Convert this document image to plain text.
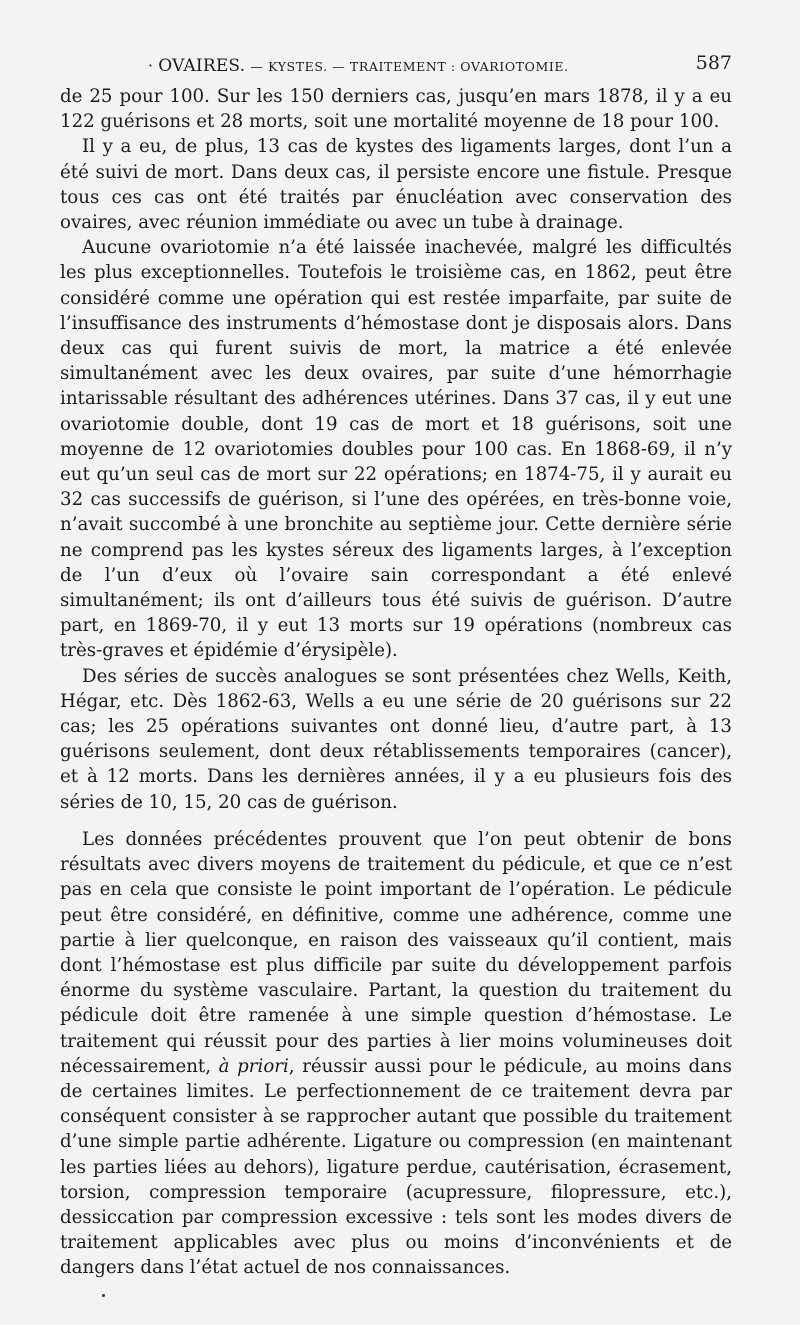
· OVAIRES. — KYSTES. — TRAITEMENT : OVARIOTOMIE.	587

de 25 pour 100. Sur les 150 derniers cas, jusqu’en mars 1878, il y a eu 122 guérisons et 28 morts, soit une mortalité moyenne de 18 pour 100.

Il y a eu, de plus, 13 cas de kystes des ligaments larges, dont l’un a été suivi de mort. Dans deux cas, il persiste encore une fistule. Presque tous ces cas ont été traités par énucléation avec conservation des ovaires, avec réunion immédiate ou avec un tube à drainage.

Aucune ovariotomie n’a été laissée inachevée, malgré les difficultés les plus exceptionnelles. Toutefois le troisième cas, en 1862, peut être considéré comme une opération qui est restée imparfaite, par suite de l’insuffisance des instruments d’hémostase dont je disposais alors. Dans deux cas qui furent suivis de mort, la matrice a été enlevée simultanément avec les deux ovaires, par suite d’une hémorrhagie intarissable résultant des adhérences utérines. Dans 37 cas, il y eut une ovariotomie double, dont 19 cas de mort et 18 guérisons, soit une moyenne de 12 ovariotomies doubles pour 100 cas. En 1868-69, il n’y eut qu’un seul cas de mort sur 22 opérations; en 1874-75, il y aurait eu 32 cas successifs de guérison, si l’une des opérées, en très-bonne voie, n’avait succombé à une bronchite au septième jour. Cette dernière série ne comprend pas les kystes séreux des ligaments larges, à l’exception de l’un d’eux où l’ovaire sain correspondant a été enlevé simultanément; ils ont d’ailleurs tous été suivis de guérison. D’autre part, en 1869-70, il y eut 13 morts sur 19 opérations (nombreux cas très-graves et épidémie d’érysipèle).

Des séries de succès analogues se sont présentées chez Wells, Keith, Hégar, etc. Dès 1862-63, Wells a eu une série de 20 guérisons sur 22 cas; les 25 opérations suivantes ont donné lieu, d’autre part, à 13 guérisons seulement, dont deux rétablissements temporaires (cancer), et à 12 morts. Dans les dernières années, il y a eu plusieurs fois des séries de 10, 15, 20 cas de guérison.

Les données précédentes prouvent que l’on peut obtenir de bons résultats avec divers moyens de traitement du pédicule, et que ce n’est pas en cela que consiste le point important de l’opération. Le pédicule peut être considéré, en définitive, comme une adhérence, comme une partie à lier quelconque, en raison des vaisseaux qu’il contient, mais dont l’hémostase est plus difficile par suite du développement parfois énorme du système vasculaire. Partant, la question du traitement du pédicule doit être ramenée à une simple question d’hémostase. Le traitement qui réussit pour des parties à lier moins volumineuses doit nécessairement, à priori, réussir aussi pour le pédicule, au moins dans de certaines limites. Le perfectionnement de ce traitement devra par conséquent consister à se rapprocher autant que possible du traitement d’une simple partie adhérente. Ligature ou compression (en maintenant les parties liées au dehors), ligature perdue, cautérisation, écrasement, torsion, compression temporaire (acupressure, filopressure, etc.), dessiccation par compression excessive : tels sont les modes divers de traitement applicables avec plus ou moins d’inconvénients et de dangers dans l’état actuel de nos connaissances.
